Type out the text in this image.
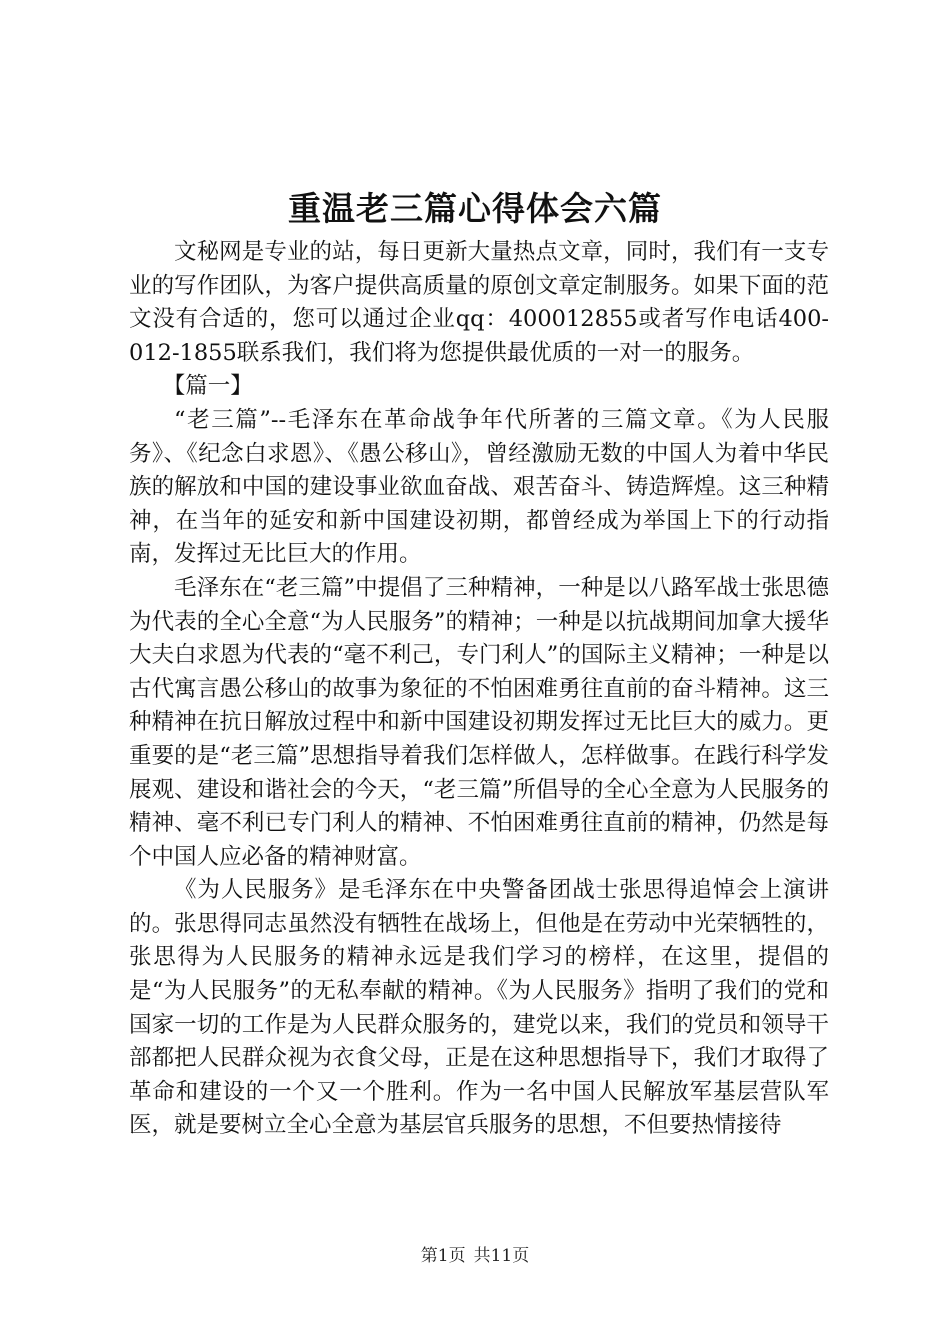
重温老三篇心得体会六篇

文秘网是专业的站，每日更新大量热点文章，同时，我们有一支专业的写作团队，为客户提供高质量的原创文章定制服务。如果下面的范文没有合适的，您可以通过企业qq：400012855或者写作电话400-012-1855联系我们，我们将为您提供最优质的一对一的服务。

【篇一】

“老三篇”--毛泽东在革命战争年代所著的三篇文章。《为人民服务》、《纪念白求恩》、《愚公移山》，曾经激励无数的中国人为着中华民族的解放和中国的建设事业欲血奋战、艰苦奋斗、铸造辉煌。这三种精神，在当年的延安和新中国建设初期，都曾经成为举国上下的行动指南，发挥过无比巨大的作用。

毛泽东在“老三篇”中提倡了三种精神，一种是以八路军战士张思德为代表的全心全意“为人民服务”的精神；一种是以抗战期间加拿大援华大夫白求恩为代表的“毫不利己，专门利人”的国际主义精神；一种是以古代寓言愚公移山的故事为象征的不怕困难勇往直前的奋斗精神。这三种精神在抗日解放过程中和新中国建设初期发挥过无比巨大的威力。更重要的是“老三篇”思想指导着我们怎样做人，怎样做事。在践行科学发展观、建设和谐社会的今天，“老三篇”所倡导的全心全意为人民服务的精神、毫不利已专门利人的精神、不怕困难勇往直前的精神，仍然是每个中国人应必备的精神财富。

《为人民服务》是毛泽东在中央警备团战士张思得追悼会上演讲的。张思得同志虽然没有牺牲在战场上，但他是在劳动中光荣牺牲的，张思得为人民服务的精神永远是我们学习的榜样，在这里，提倡的是“为人民服务”的无私奉献的精神。《为人民服务》指明了我们的党和国家一切的工作是为人民群众服务的，建党以来，我们的党员和领导干部都把人民群众视为衣食父母，正是在这种思想指导下，我们才取得了革命和建设的一个又一个胜利。作为一名中国人民解放军基层营队军医，就是要树立全心全意为基层官兵服务的思想，不但要热情接待

第1页 共11页
